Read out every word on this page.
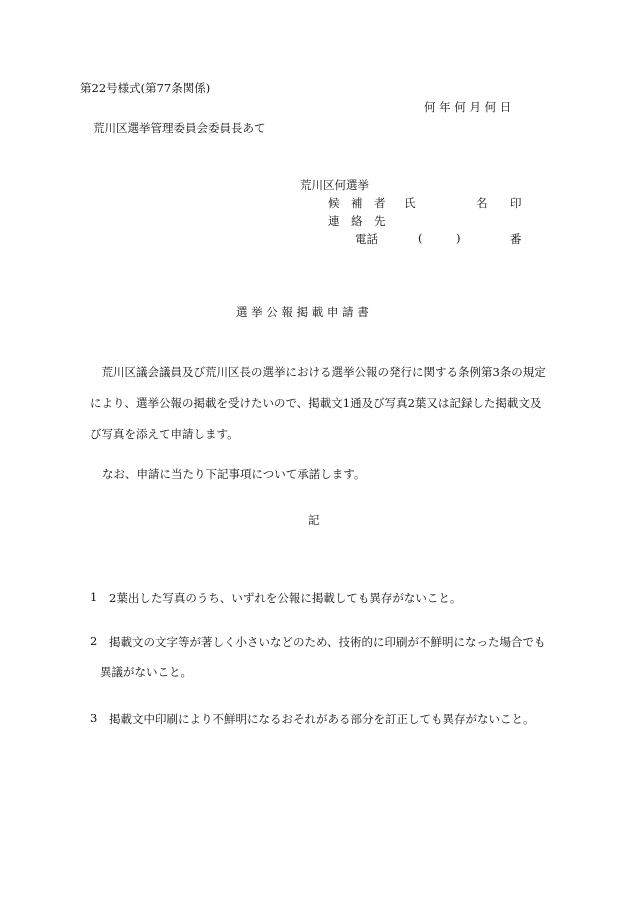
第22号様式(第77条関係)
何 年 何 月 何 日
荒川区選挙管理委員会委員長あて
荒川区何選挙
候　補　者 氏	名 印
連　絡　先
電話	(	)	番
選 挙 公 報 掲 載 申 請 書
荒川区議会議員及び荒川区長の選挙における選挙公報の発行に関する条例第3条の規定により、選挙公報の掲載を受けたいので、掲載文1通及び写真2葉又は記録した掲載文及び写真を添えて申請します。
なお、申請に当たり下記事項について承諾します。
記
1 2葉出した写真のうち、いずれを公報に掲載しても異存がないこと。
2 掲載文の文字等が著しく小さいなどのため、技術的に印刷が不鮮明になった場合でも
異議がないこと。
3 掲載文中印刷により不鮮明になるおそれがある部分を訂正しても異存がないこと。
